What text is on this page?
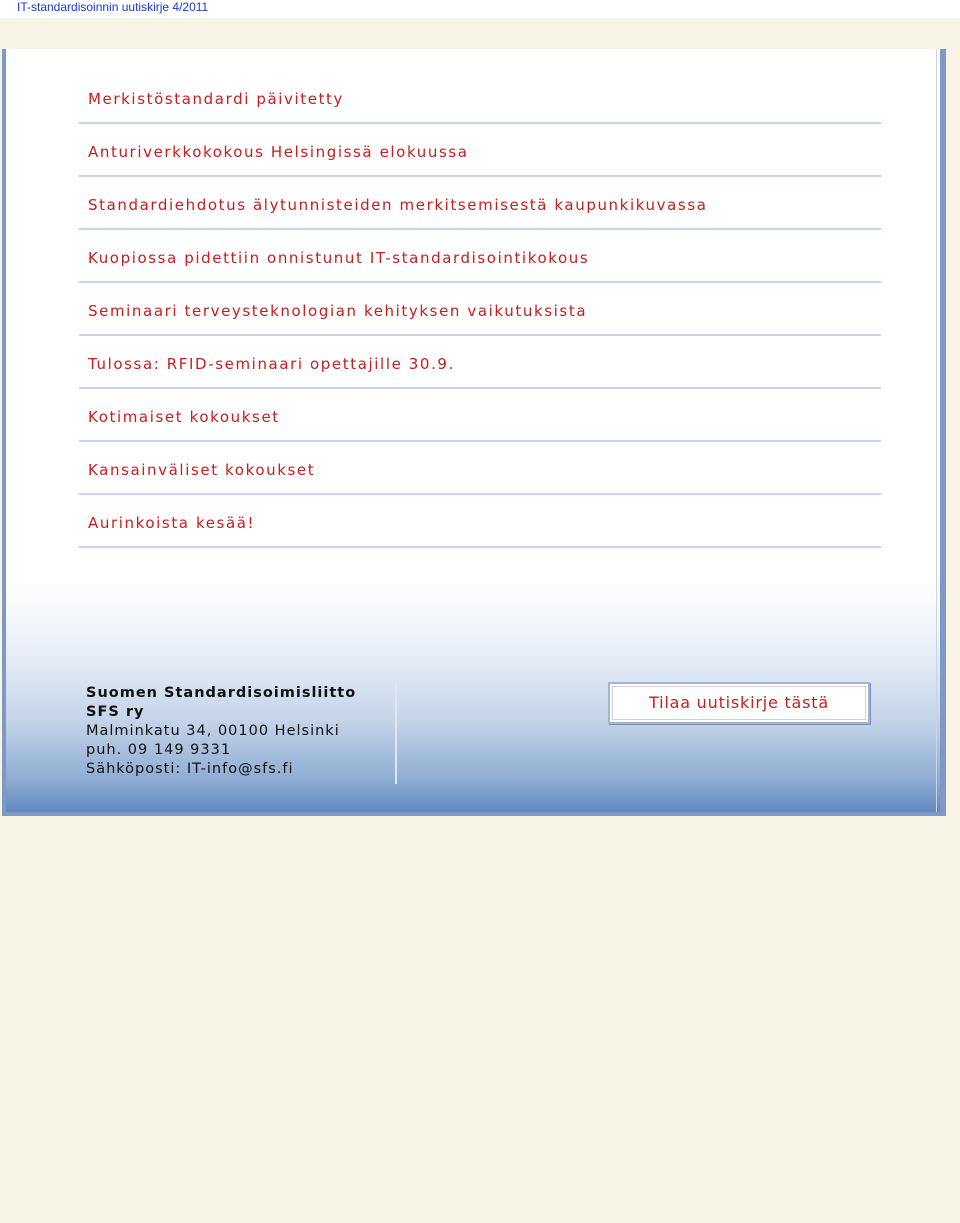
IT-standardisoinnin uutiskirje 4/2011
Merkistöstandardi päivitetty
Anturiverkkokokous Helsingissä elokuussa
Standardiehdotus älytunnisteiden merkitsemisestä kaupunkikuvassa
Kuopiossa pidettiin onnistunut IT-standardisointikokous
Seminaari terveysteknologian kehityksen vaikutuksista
Tulossa: RFID-seminaari opettajille 30.9.
Kotimaiset kokoukset
Kansainväliset kokoukset
Aurinkoista kesää!
Suomen Standardisoimisliitto
SFS ry
Malminkatu 34, 00100 Helsinki
puh. 09 149 9331
Sähköposti: IT-info@sfs.fi
Tilaa uutiskirje tästä
